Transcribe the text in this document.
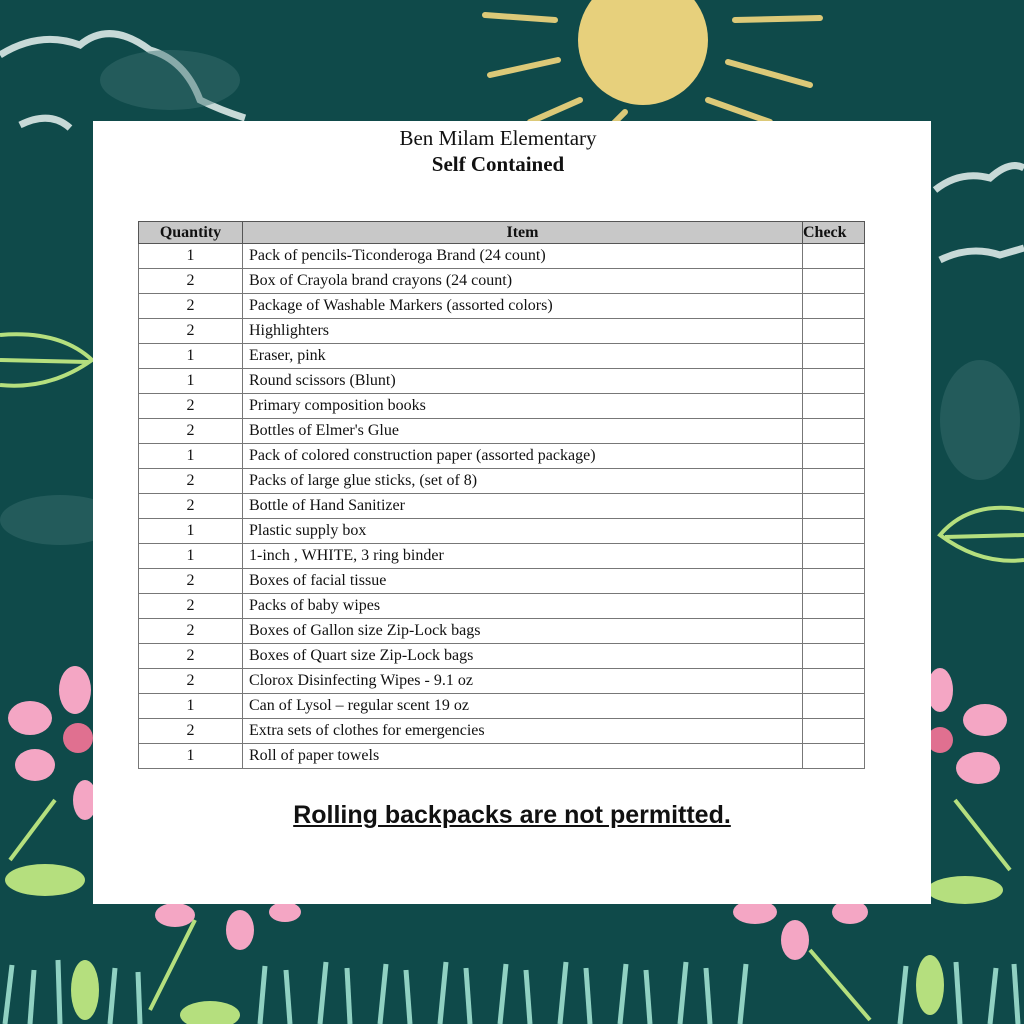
Ben Milam Elementary
Self Contained
Quantity	Item	Check
1	Pack of pencils-Ticonderoga Brand (24 count)	
2	Box of Crayola brand crayons (24 count)	
2	Package of Washable Markers (assorted colors)	
2	Highlighters	
1	Eraser, pink	
1	Round scissors (Blunt)	
2	Primary composition books	
2	Bottles of Elmer's Glue	
1	Pack of colored construction paper (assorted package)	
2	Packs of large glue sticks, (set of 8)	
2	Bottle of Hand Sanitizer	
1	Plastic supply box	
1	1-inch , WHITE, 3 ring binder	
2	Boxes of facial tissue	
2	Packs of baby wipes	
2	Boxes of Gallon size Zip-Lock bags	
2	Boxes of Quart size Zip-Lock bags	
2	Clorox Disinfecting Wipes - 9.1 oz	
1	Can of Lysol – regular scent 19 oz	
2	Extra sets of clothes for emergencies	
1	Roll of paper towels	
Rolling backpacks are not permitted.
